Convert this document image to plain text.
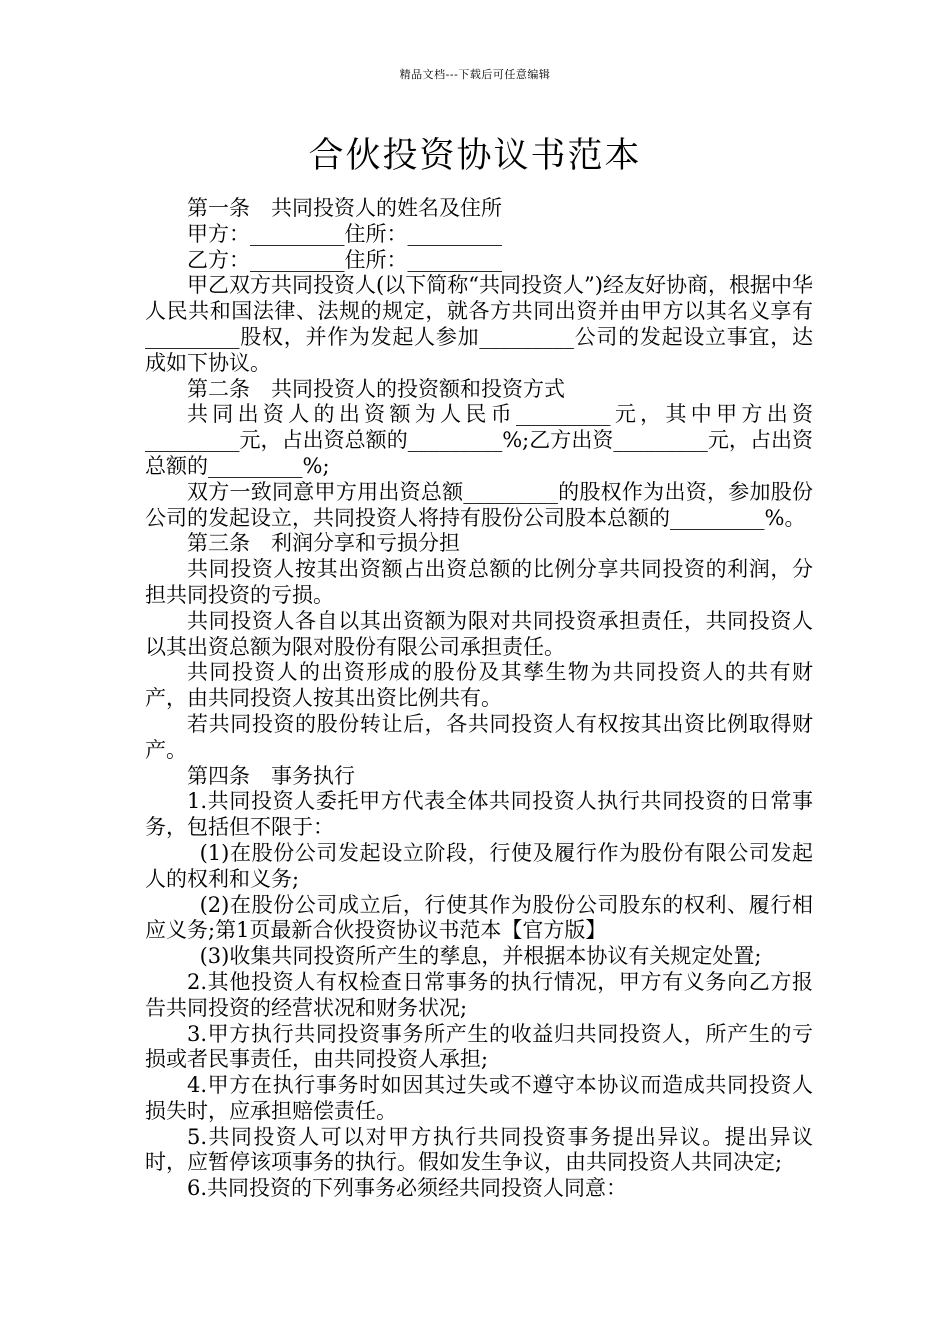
精品文档---下载后可任意编辑
合伙投资协议书范本

第一条　共同投资人的姓名及住所

甲方：_________住所：_________

乙方：_________住所：_________

甲乙双方共同投资人(以下简称“共同投资人”)经友好协商，根据中华人民共和国法律、法规的规定，就各方共同出资并由甲方以其名义享有_________股权，并作为发起人参加_________公司的发起设立事宜，达成如下协议。

第二条　共同投资人的投资额和投资方式

共同出资人的出资额为人民币_________元，其中甲方出资_________元，占出资总额的_________%;乙方出资_________元，占出资总额的_________%;

双方一致同意甲方用出资总额_________的股权作为出资，参加股份公司的发起设立，共同投资人将持有股份公司股本总额的_________%。

第三条　利润分享和亏损分担

共同投资人按其出资额占出资总额的比例分享共同投资的利润，分担共同投资的亏损。

共同投资人各自以其出资额为限对共同投资承担责任，共同投资人以其出资总额为限对股份有限公司承担责任。

共同投资人的出资形成的股份及其孳生物为共同投资人的共有财产，由共同投资人按其出资比例共有。

若共同投资的股份转让后，各共同投资人有权按其出资比例取得财产。

第四条　事务执行

1.共同投资人委托甲方代表全体共同投资人执行共同投资的日常事务，包括但不限于：

(1)在股份公司发起设立阶段，行使及履行作为股份有限公司发起人的权利和义务;

(2)在股份公司成立后，行使其作为股份公司股东的权利、履行相应义务;第1页最新合伙投资协议书范本【官方版】

(3)收集共同投资所产生的孳息，并根据本协议有关规定处置;

2.其他投资人有权检查日常事务的执行情况，甲方有义务向乙方报告共同投资的经营状况和财务状况;

3.甲方执行共同投资事务所产生的收益归共同投资人，所产生的亏损或者民事责任，由共同投资人承担;

4.甲方在执行事务时如因其过失或不遵守本协议而造成共同投资人损失时，应承担赔偿责任。

5.共同投资人可以对甲方执行共同投资事务提出异议。提出异议时，应暂停该项事务的执行。假如发生争议，由共同投资人共同决定;

6.共同投资的下列事务必须经共同投资人同意：
